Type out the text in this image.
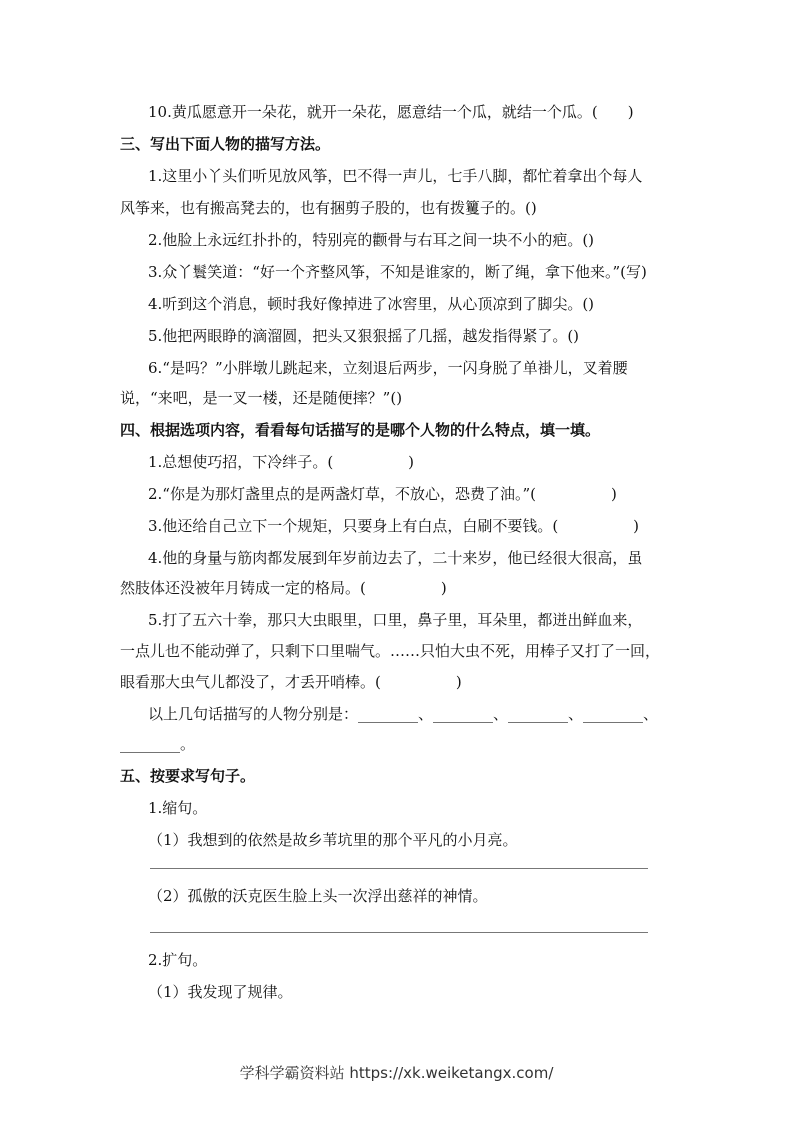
10.黄瓜愿意开一朵花，就开一朵花，愿意结一个瓜，就结一个瓜。(　　)
三、写出下面人物的描写方法。
1.这里小丫头们听见放风筝，巴不得一声儿，七手八脚，都忙着拿出个每人
风筝来，也有搬高凳去的，也有捆剪子股的，也有拨籰子的。()
2.他脸上永远红扑扑的，特别亮的颧骨与右耳之间一块不小的疤。()
3.众丫鬟笑道：“好一个齐整风筝，不知是谁家的，断了绳，拿下他来。”(写)
4.听到这个消息，顿时我好像掉进了冰窖里，从心顶凉到了脚尖。()
5.他把两眼睁的滴溜圆，把头又狠狠摇了几摇，越发指得紧了。()
6.“是吗？”小胖墩儿跳起来，立刻退后两步，一闪身脱了单褂儿，叉着腰
说，“来吧，是一叉一楼，还是随便摔？”()
四、根据选项内容，看看每句话描写的是哪个人物的什么特点，填一填。
1.总想使巧招，下冷绊子。(　　　　　)
2.“你是为那灯盏里点的是两盏灯草，不放心，恐费了油。”(　　　　　)
3.他还给自己立下一个规矩，只要身上有白点，白刷不要钱。(　　　　　)
4.他的身量与筋肉都发展到年岁前边去了，二十来岁，他已经很大很高，虽
然肢体还没被年月铸成一定的格局。(　　　　　)
5.打了五六十拳，那只大虫眼里，口里，鼻子里，耳朵里，都迸出鲜血来，
一点儿也不能动弹了，只剩下口里喘气。……只怕大虫不死，用棒子又打了一回，
眼看那大虫气儿都没了，才丢开哨棒。(　　　　　)
以上几句话描写的人物分别是：________、________、________、________、
________。
五、按要求写句子。
1.缩句。
（1）我想到的依然是故乡苇坑里的那个平凡的小月亮。
（2）孤傲的沃克医生脸上头一次浮出慈祥的神情。
2.扩句。
（1）我发现了规律。
学科学霸资料站 https://xk.weiketangx.com/
